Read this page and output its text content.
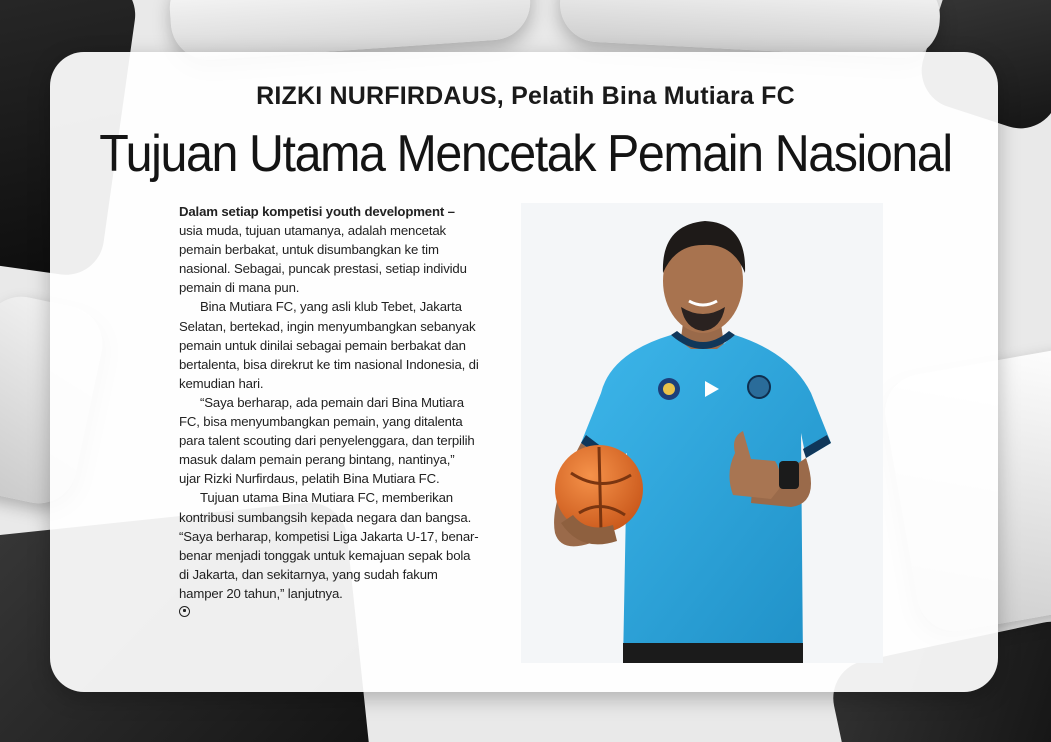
RIZKI NURFIRDAUS, Pelatih Bina Mutiara FC
Tujuan Utama Mencetak Pemain Nasional

Dalam setiap kompetisi youth development – usia muda, tujuan utamanya, adalah mencetak pemain berbakat, untuk disumbangkan ke tim nasional. Sebagai, puncak prestasi, setiap individu pemain di mana pun.

Bina Mutiara FC, yang asli klub Tebet, Jakarta Selatan, bertekad, ingin menyumbangkan sebanyak pemain untuk dinilai sebagai pemain berbakat dan bertalenta, bisa direkrut ke tim nasional Indonesia, di kemudian hari.

“Saya berharap, ada pemain dari Bina Mutiara FC, bisa menyumbangkan pemain, yang ditalenta para talent scouting dari penyelenggara, dan terpilih masuk dalam pemain perang bintang, nantinya,” ujar Rizki Nurfirdaus, pelatih Bina Mutiara FC.

Tujuan utama Bina Mutiara FC, memberikan kontribusi sumbangsih kepada negara dan bangsa. “Saya berharap, kompetisi Liga Jakarta U-17, benar-benar menjadi tonggak untuk kemajuan sepak bola di Jakarta, dan sekitarnya, yang sudah fakum hamper 20 tahun,” lanjutnya.
